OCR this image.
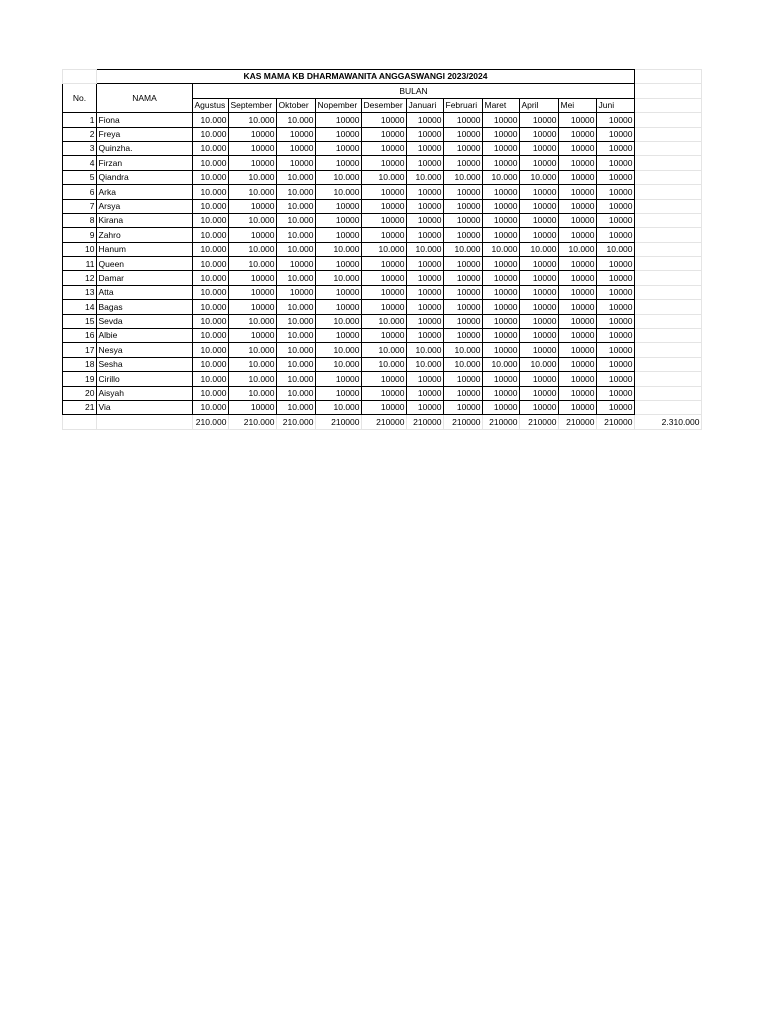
	KAS MAMA KB DHARMAWANITA ANGGASWANGI 2023/2024												
No.	NAMA	BULAN											
		Agustus	September	Oktober	Nopember	Desember	Januari	Februari	Maret	April	Mei	Juni	
1	Fiona	10.000	10.000	10.000	10000	10000	10000	10000	10000	10000	10000	10000	
2	Freya	10.000	10000	10000	10000	10000	10000	10000	10000	10000	10000	10000	
3	Quinzha.	10.000	10000	10000	10000	10000	10000	10000	10000	10000	10000	10000	
4	Firzan	10.000	10000	10000	10000	10000	10000	10000	10000	10000	10000	10000	
5	Qiandra	10.000	10.000	10.000	10.000	10.000	10.000	10.000	10.000	10.000	10000	10000	
6	Arka	10.000	10.000	10.000	10.000	10000	10000	10000	10000	10000	10000	10000	
7	Arsya	10.000	10000	10.000	10000	10000	10000	10000	10000	10000	10000	10000	
8	Kirana	10.000	10.000	10.000	10000	10000	10000	10000	10000	10000	10000	10000	
9	Zahro	10.000	10000	10.000	10000	10000	10000	10000	10000	10000	10000	10000	
10	Hanum	10.000	10.000	10.000	10.000	10.000	10.000	10.000	10.000	10.000	10.000	10.000	
11	Queen	10.000	10.000	10000	10000	10000	10000	10000	10000	10000	10000	10000	
12	Damar	10.000	10000	10.000	10.000	10000	10000	10000	10000	10000	10000	10000	
13	Atta	10.000	10000	10000	10000	10000	10000	10000	10000	10000	10000	10000	
14	Bagas	10.000	10000	10.000	10000	10000	10000	10000	10000	10000	10000	10000	
15	Sevda	10.000	10.000	10.000	10.000	10.000	10000	10000	10000	10000	10000	10000	
16	Albie	10.000	10000	10.000	10000	10000	10000	10000	10000	10000	10000	10000	
17	Nesya	10.000	10.000	10.000	10.000	10.000	10.000	10.000	10000	10000	10000	10000	
18	Sesha	10.000	10.000	10.000	10.000	10.000	10.000	10.000	10.000	10.000	10000	10000	
19	Cirillo	10.000	10.000	10.000	10000	10000	10000	10000	10000	10000	10000	10000	
20	Aisyah	10.000	10.000	10.000	10000	10000	10000	10000	10000	10000	10000	10000	
21	Via	10.000	10000	10.000	10.000	10000	10000	10000	10000	10000	10000	10000	
		210.000	210.000	210.000	210000	210000	210000	210000	210000	210000	210000	210000	2.310.000
